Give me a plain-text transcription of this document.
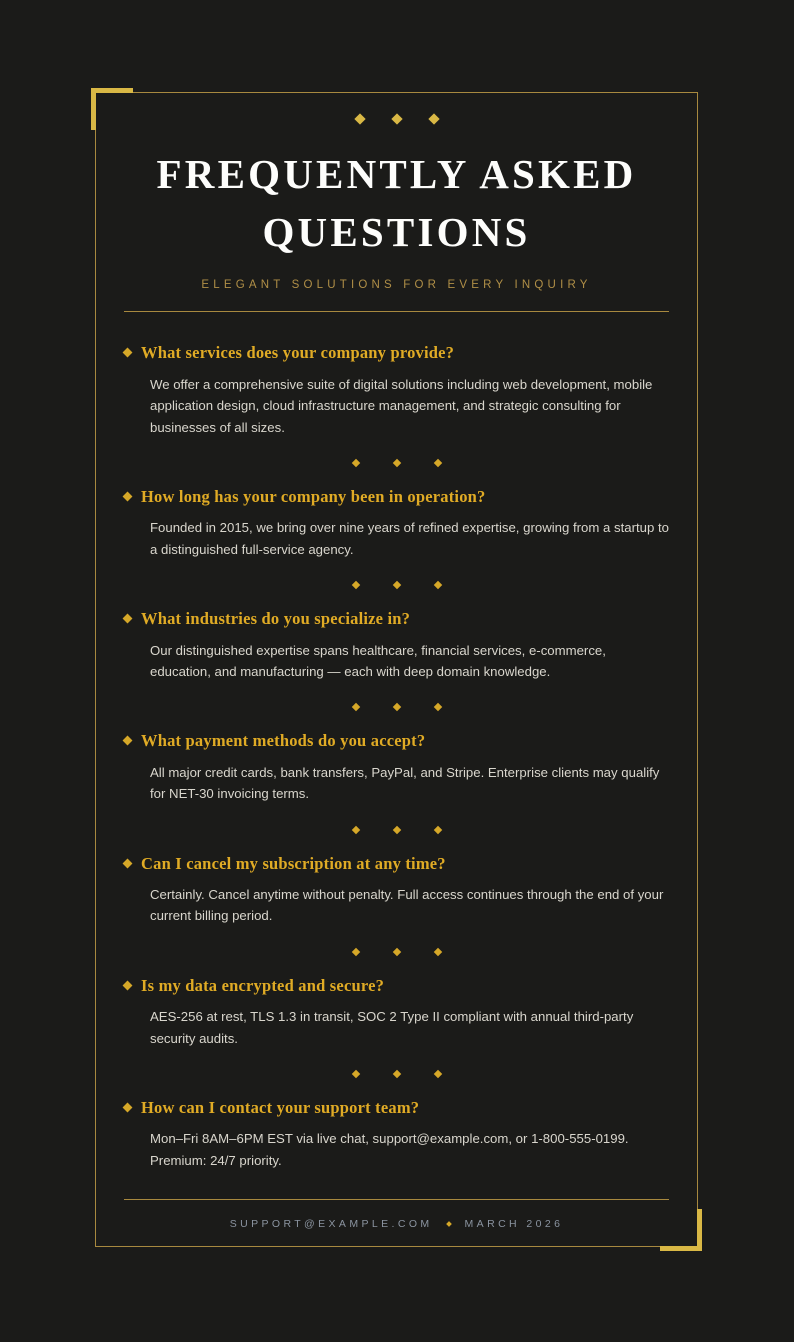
FREQUENTLY ASKED QUESTIONS
ELEGANT SOLUTIONS FOR EVERY INQUIRY
What services does your company provide?

We offer a comprehensive suite of digital solutions including web development, mobile application design, cloud infrastructure management, and strategic consulting for businesses of all sizes.

How long has your company been in operation?

Founded in 2015, we bring over nine years of refined expertise, growing from a startup to a distinguished full-service agency.

What industries do you specialize in?

Our distinguished expertise spans healthcare, financial services, e-commerce, education, and manufacturing — each with deep domain knowledge.

What payment methods do you accept?

All major credit cards, bank transfers, PayPal, and Stripe. Enterprise clients may qualify for NET-30 invoicing terms.

Can I cancel my subscription at any time?

Certainly. Cancel anytime without penalty. Full access continues through the end of your current billing period.

Is my data encrypted and secure?

AES-256 at rest, TLS 1.3 in transit, SOC 2 Type II compliant with annual third-party security audits.

How can I contact your support team?

Mon–Fri 8AM–6PM EST via live chat, support@example.com, or 1-800-555-0199. Premium: 24/7 priority.

SUPPORT@EXAMPLE.COM	MARCH 2026
